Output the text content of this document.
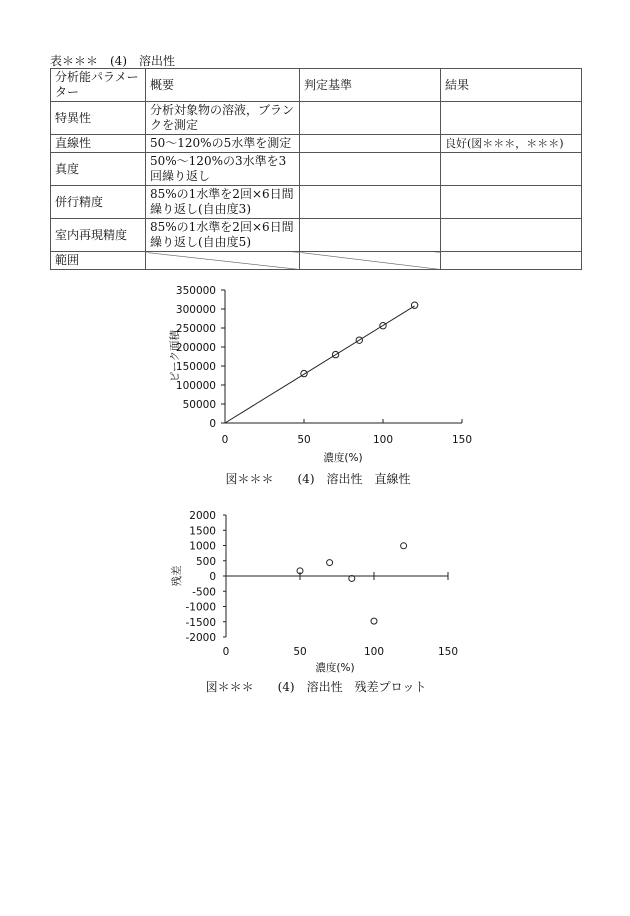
表＊＊＊　(4)　溶出性
分析能パラメーター	概要	判定基準	結果
特異性	分析対象物の溶液，ブランクを測定		
直線性	50～120%の5水準を測定		良好(図＊＊＊，＊＊＊)
真度	50%～120%の3水準を3回繰り返し		
併行精度	85%の1水準を2回×6日間繰り返し(自由度3)		
室内再現精度	85%の1水準を2回×6日間繰り返し(自由度5)		
範囲			
0
50000
100000
150000
200000
250000
300000
350000
0	50	100	150
ピーク面積
濃度(%)
図＊＊＊　　(4)　溶出性　直線性
2000
1500
1000
500
0
-500
-1000
-1500
-2000
0	50	100	150
残差
濃度(%)
図＊＊＊　　(4)　溶出性　残差プロット
